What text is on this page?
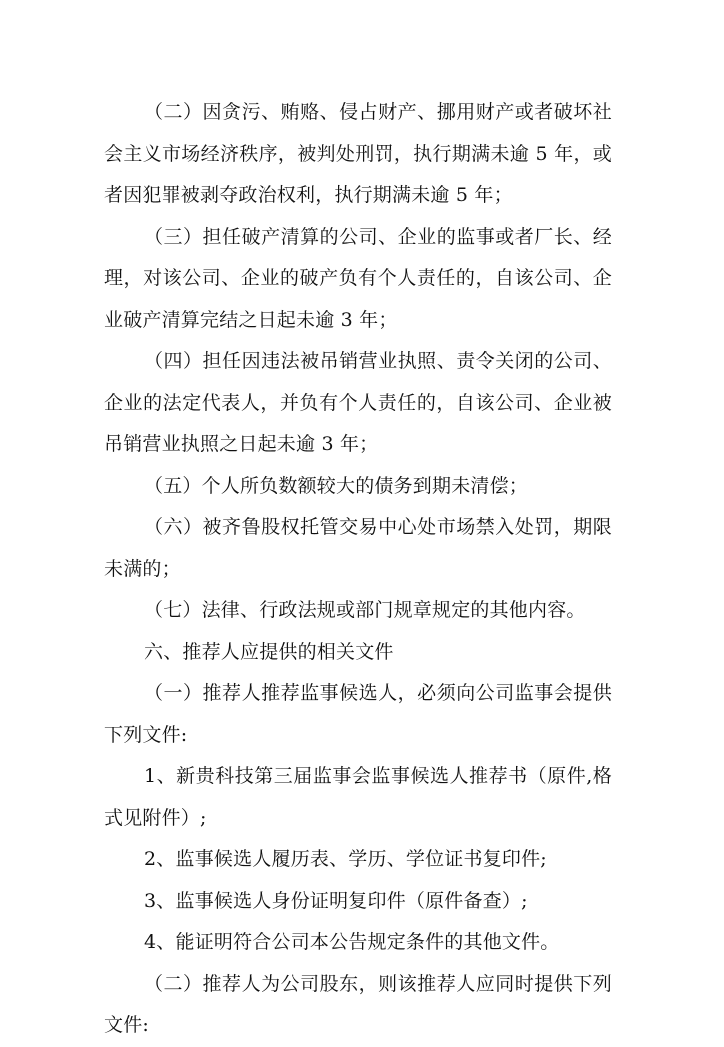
（二）因贪污、贿赂、侵占财产、挪用财产或者破坏社会主义市场经济秩序，被判处刑罚，执行期满未逾 5 年，或者因犯罪被剥夺政治权利，执行期满未逾 5 年；

（三）担任破产清算的公司、企业的监事或者厂长、经理，对该公司、企业的破产负有个人责任的，自该公司、企业破产清算完结之日起未逾 3 年；

（四）担任因违法被吊销营业执照、责令关闭的公司、企业的法定代表人，并负有个人责任的，自该公司、企业被吊销营业执照之日起未逾 3 年；

（五）个人所负数额较大的债务到期未清偿；

（六）被齐鲁股权托管交易中心处市场禁入处罚，期限未满的；

（七）法律、行政法规或部门规章规定的其他内容。

六、推荐人应提供的相关文件

（一）推荐人推荐监事候选人，必须向公司监事会提供下列文件:

1、新贵科技第三届监事会监事候选人推荐书（原件,格式见附件）;

2、监事候选人履历表、学历、学位证书复印件;

3、监事候选人身份证明复印件（原件备查）;

4、能证明符合公司本公告规定条件的其他文件。

（二）推荐人为公司股东，则该推荐人应同时提供下列文件:
